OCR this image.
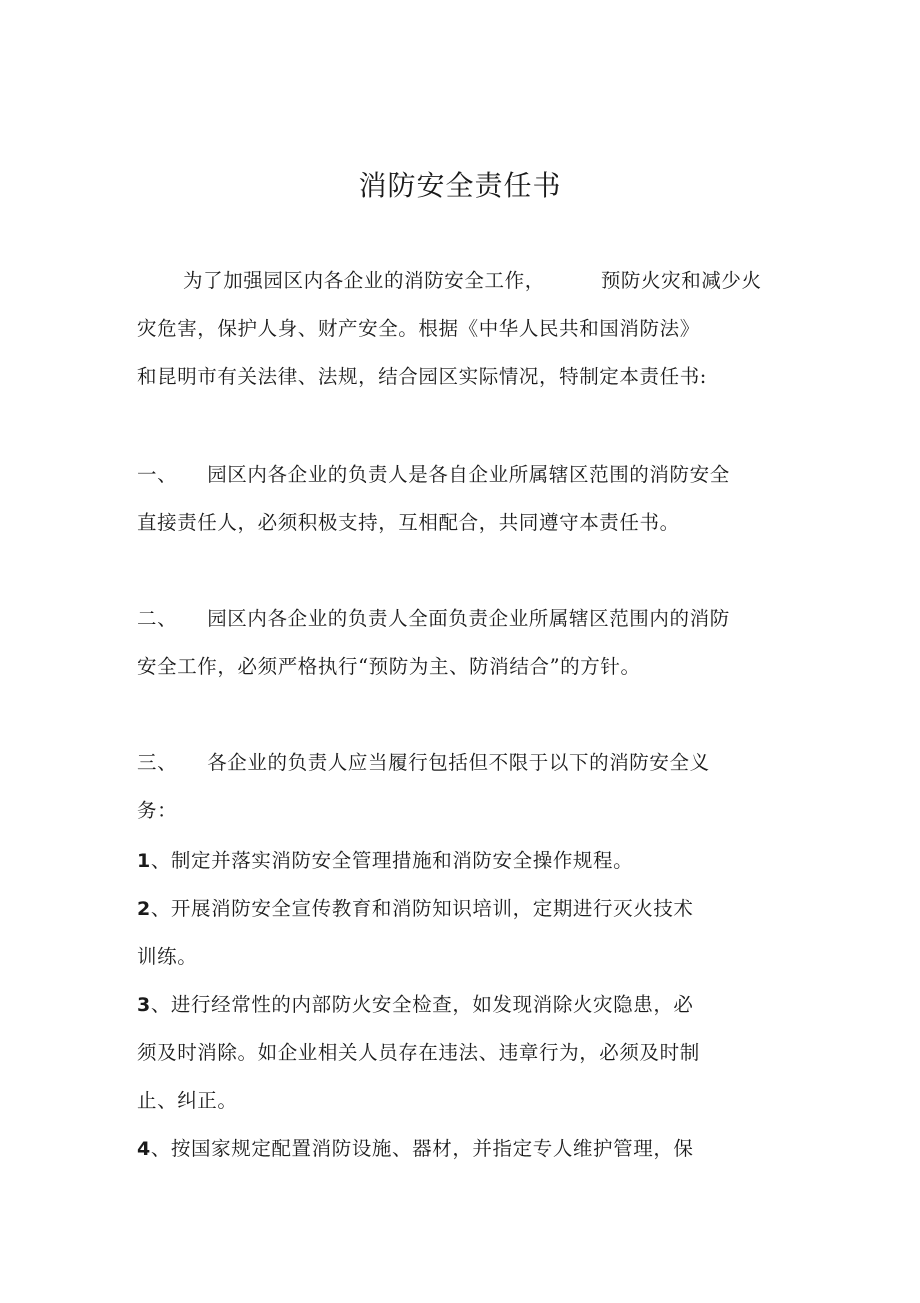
消防安全责任书
为了加强园区内各企业的消防安全工作，	预防火灾和减少火
灾危害，保护人身、财产安全。根据《中华人民共和国消防法》
和昆明市有关法律、法规，结合园区实际情况，特制定本责任书:
一、 园区内各企业的负责人是各自企业所属辖区范围的消防安全
直接责任人，必须积极支持，互相配合，共同遵守本责任书。
二、 园区内各企业的负责人全面负责企业所属辖区范围内的消防
安全工作，必须严格执行“预防为主、防消结合”的方针。
三、 各企业的负责人应当履行包括但不限于以下的消防安全义
务：
1、制定并落实消防安全管理措施和消防安全操作规程。
2、开展消防安全宣传教育和消防知识培训，定期进行灭火技术
训练。
3、进行经常性的内部防火安全检查，如发现消除火灾隐患，必
须及时消除。如企业相关人员存在违法、违章行为，必须及时制
止、纠正。
4、按国家规定配置消防设施、器材，并指定专人维护管理，保
